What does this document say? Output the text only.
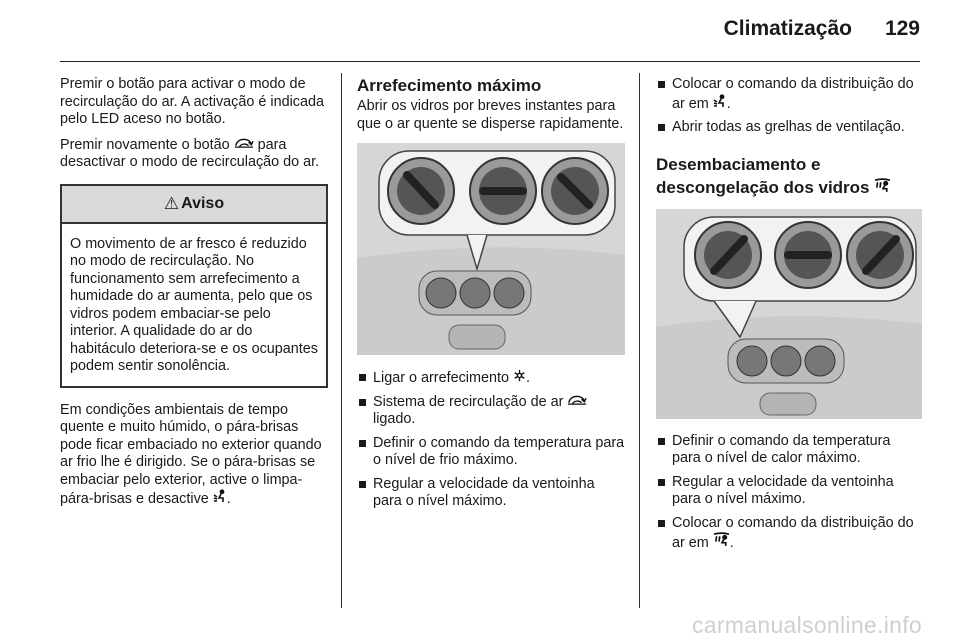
Climatização 129

Premir o botão para activar o modo de recirculação do ar. A activação é indicada pelo LED aceso no botão.

Premir novamente o botão  para desactivar o modo de recirculação do ar.

⚠ Aviso
O movimento de ar fresco é reduzido no modo de recirculação. No funcionamento sem arrefecimento a humidade do ar aumenta, pelo que os vidros podem embaciar-se pelo interior. A qualidade do ar do habitáculo deteriora-se e os ocupantes podem sentir sonolência.

Em condições ambientais de tempo quente e muito húmido, o pára-brisas pode ficar embaciado no exterior quando ar frio lhe é dirigido. Se o pára-brisas se embaciar pelo exterior, active o limpa-pára-brisas e desactive .

Arrefecimento máximo

Abrir os vidros por breves instantes para que o ar quente se disperse rapidamente.

Ligar o arrefecimento .
Sistema de recirculação de ar
ligado.
Definir o comando da temperatura para o nível de frio máximo.
Regular a velocidade da ventoinha para o nível máximo.
Colocar o comando da distribuição do ar em .
Abrir todas as grelhas de ventilação.
Desembaciamento e descongelação dos vidros
Definir o comando da temperatura para o nível de calor máximo.
Regular a velocidade da ventoinha para o nível máximo.
Colocar o comando da distribuição do ar em .
carmanualsonline.info
